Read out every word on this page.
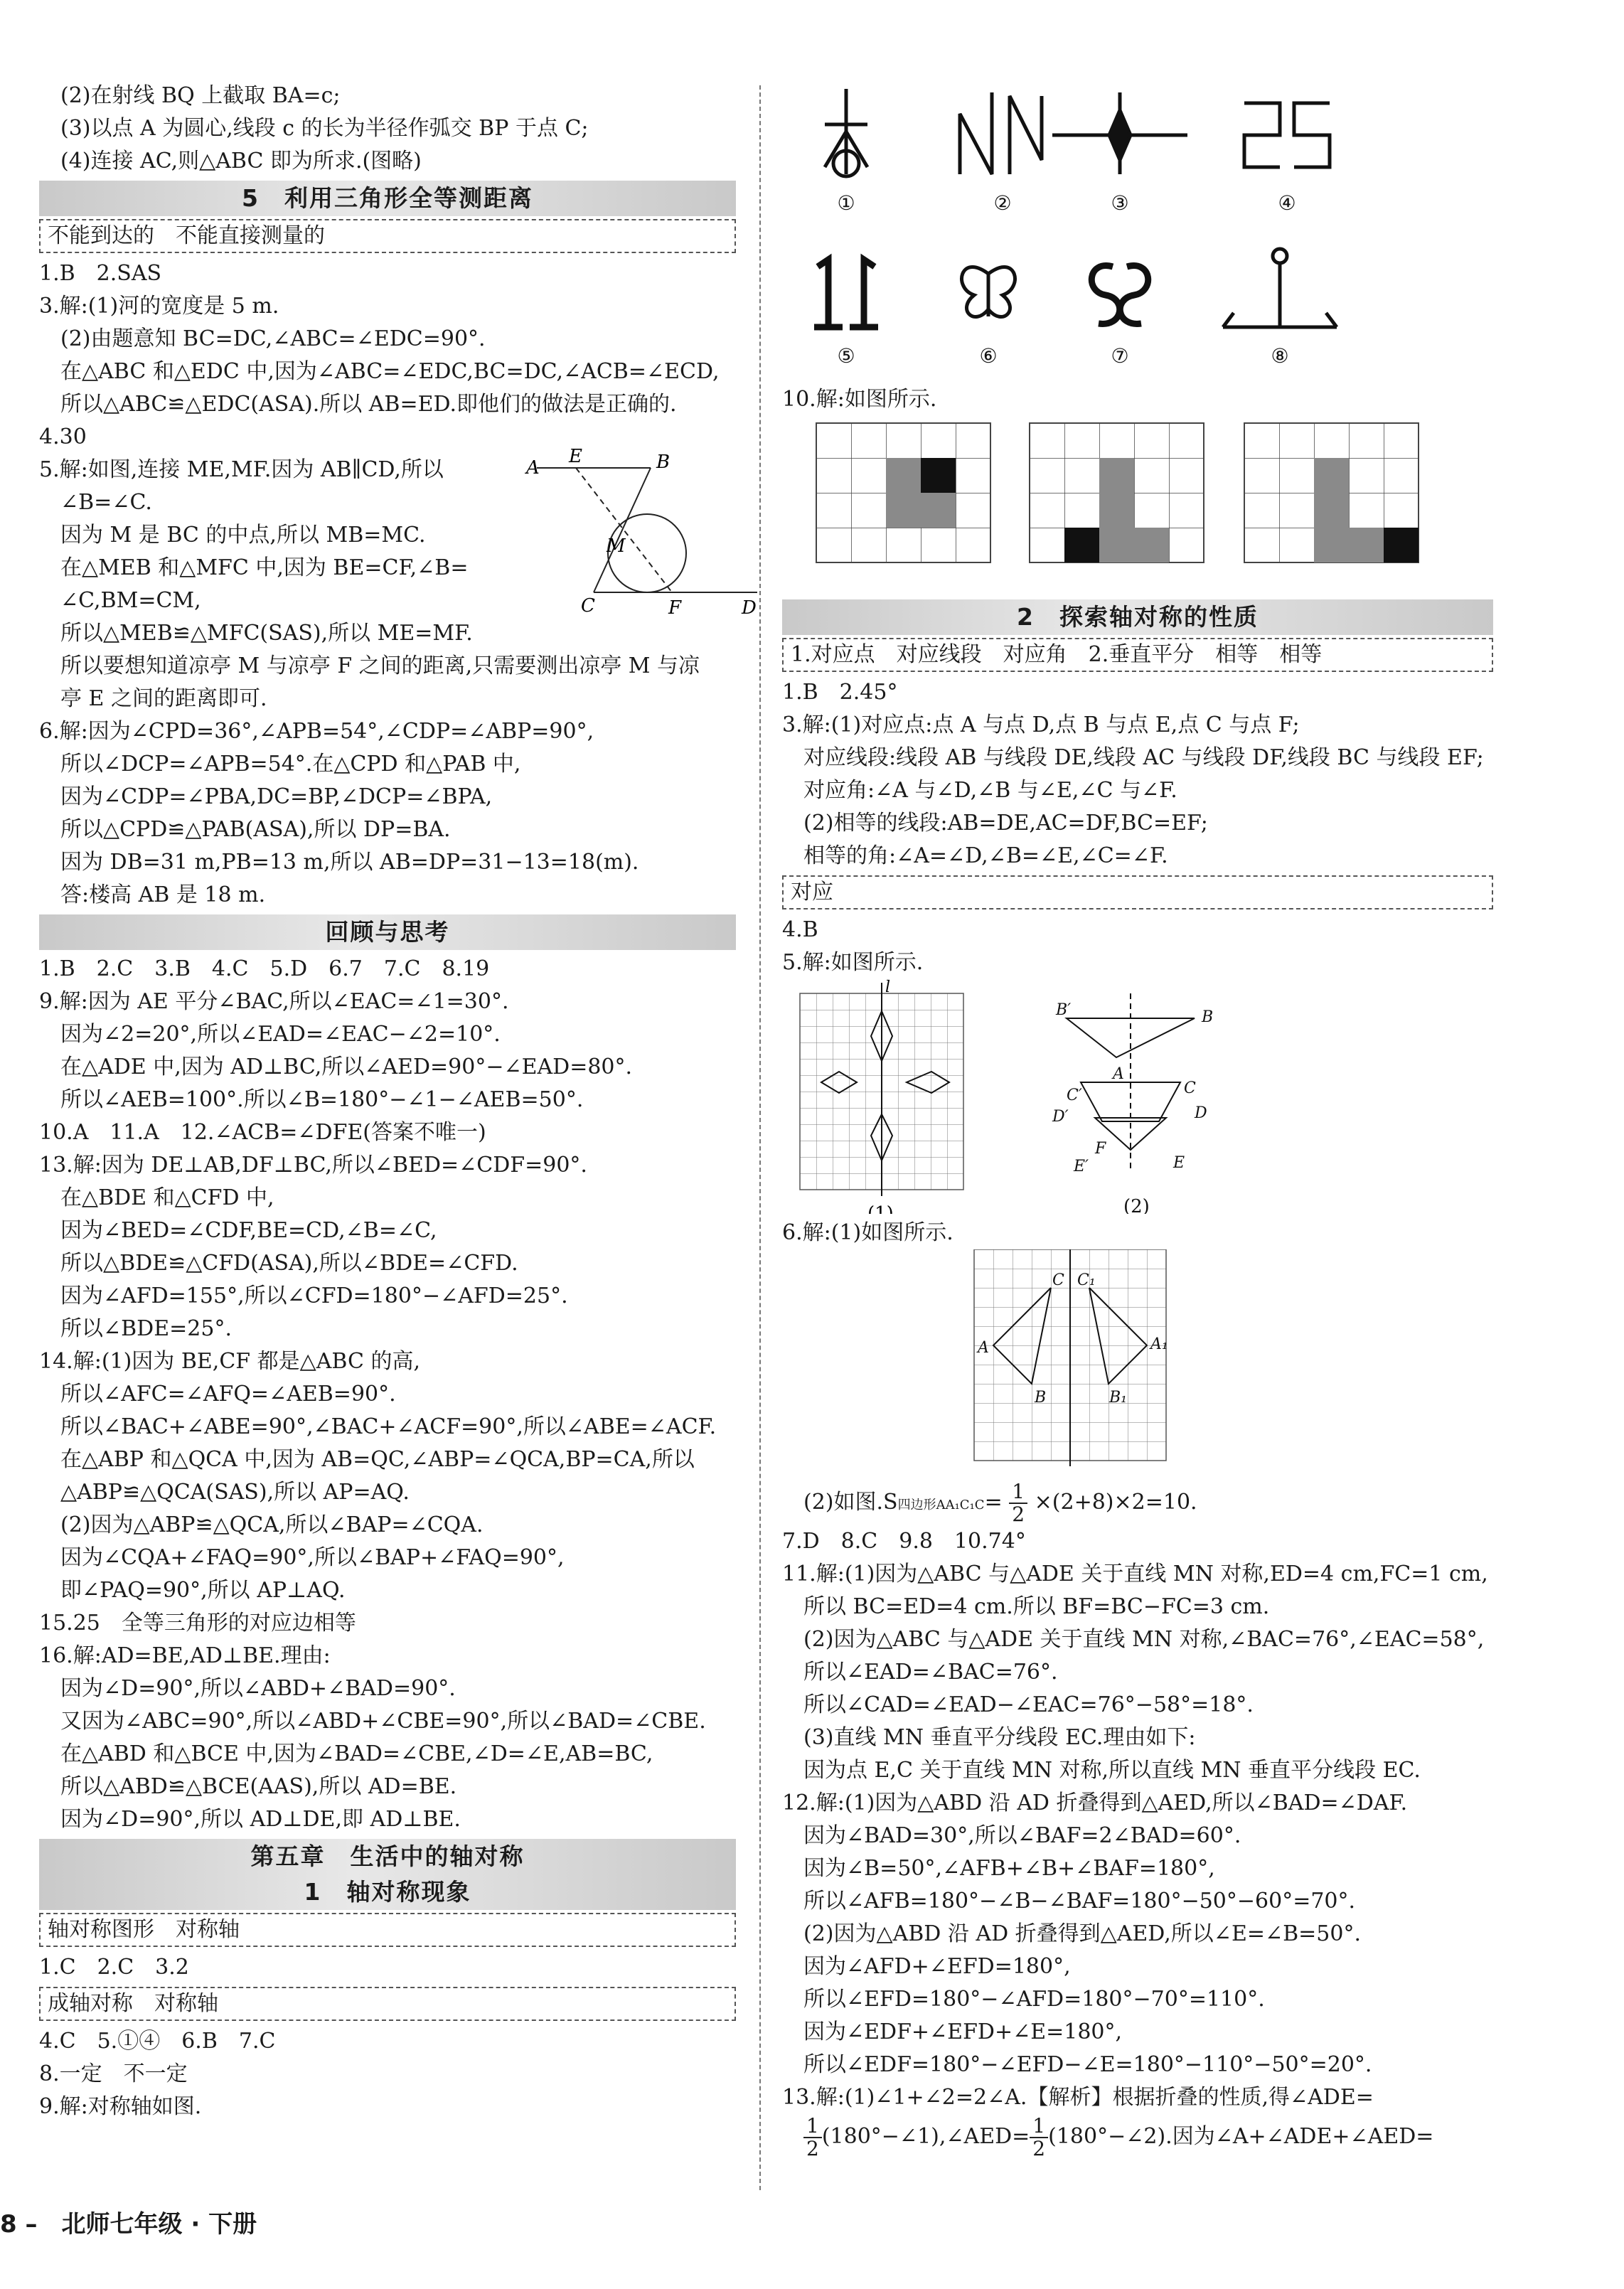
(2)在射线 BQ 上截取 BA=c;
(3)以点 A 为圆心,线段 c 的长为半径作弧交 BP 于点 C;
(4)连接 AC,则△ABC 即为所求.(图略)
5　利用三角形全等测距离
不能到达的　不能直接测量的
1.B　2.SAS
3.解:(1)河的宽度是 5 m.
(2)由题意知 BC=DC,∠ABC=∠EDC=90°.
在△ABC 和△EDC 中,因为∠ABC=∠EDC,BC=DC,∠ACB=∠ECD,
所以△ABC≌△EDC(ASA).所以 AB=ED.即他们的做法是正确的.
4.30
5.解:如图,连接 ME,MF.因为 AB∥CD,所以
∠B=∠C.
因为 M 是 BC 的中点,所以 MB=MC.
在△MEB 和△MFC 中,因为 BE=CF,∠B=
∠C,BM=CM,
A
E	B
M
C	F	D
所以△MEB≌△MFC(SAS),所以 ME=MF.
所以要想知道凉亭 M 与凉亭 F 之间的距离,只需要测出凉亭 M 与凉
亭 E 之间的距离即可.
6.解:因为∠CPD=36°,∠APB=54°,∠CDP=∠ABP=90°,
所以∠DCP=∠APB=54°.在△CPD 和△PAB 中,
因为∠CDP=∠PBA,DC=BP,∠DCP=∠BPA,
所以△CPD≌△PAB(ASA),所以 DP=BA.
因为 DB=31 m,PB=13 m,所以 AB=DP=31−13=18(m).
答:楼高 AB 是 18 m.
回顾与思考
1.B　2.C　3.B　4.C　5.D　6.7　7.C　8.19
9.解:因为 AE 平分∠BAC,所以∠EAC=∠1=30°.
因为∠2=20°,所以∠EAD=∠EAC−∠2=10°.
在△ADE 中,因为 AD⊥BC,所以∠AED=90°−∠EAD=80°.
所以∠AEB=100°.所以∠B=180°−∠1−∠AEB=50°.
10.A　11.A　12.∠ACB=∠DFE(答案不唯一)
13.解:因为 DE⊥AB,DF⊥BC,所以∠BED=∠CDF=90°.
在△BDE 和△CFD 中,
因为∠BED=∠CDF,BE=CD,∠B=∠C,
所以△BDE≌△CFD(ASA),所以∠BDE=∠CFD.
因为∠AFD=155°,所以∠CFD=180°−∠AFD=25°.
所以∠BDE=25°.
14.解:(1)因为 BE,CF 都是△ABC 的高,
所以∠AFC=∠AFQ=∠AEB=90°.
所以∠BAC+∠ABE=90°,∠BAC+∠ACF=90°,所以∠ABE=∠ACF.
在△ABP 和△QCA 中,因为 AB=QC,∠ABP=∠QCA,BP=CA,所以
△ABP≌△QCA(SAS),所以 AP=AQ.
(2)因为△ABP≌△QCA,所以∠BAP=∠CQA.
因为∠CQA+∠FAQ=90°,所以∠BAP+∠FAQ=90°,
即∠PAQ=90°,所以 AP⊥AQ.
15.25　全等三角形的对应边相等
16.解:AD=BE,AD⊥BE.理由:
因为∠D=90°,所以∠ABD+∠BAD=90°.
又因为∠ABC=90°,所以∠ABD+∠CBE=90°,所以∠BAD=∠CBE.
在△ABD 和△BCE 中,因为∠BAD=∠CBE,∠D=∠E,AB=BC,
所以△ABD≌△BCE(AAS),所以 AD=BE.
因为∠D=90°,所以 AD⊥DE,即 AD⊥BE.
第五章　生活中的轴对称
1　轴对称现象
轴对称图形　对称轴
1.C　2.C　3.2
成轴对称　对称轴
4.C　5.①④　6.B　7.C
8.一定　不一定
9.解:对称轴如图.
①	②	③	④
⑤	⑥	⑦	⑧
10.解:如图所示.
2　探索轴对称的性质
1.对应点　对应线段　对应角　2.垂直平分　相等　相等
1.B　2.45°
3.解:(1)对应点:点 A 与点 D,点 B 与点 E,点 C 与点 F;
对应线段:线段 AB 与线段 DE,线段 AC 与线段 DF,线段 BC 与线段 EF;
对应角:∠A 与∠D,∠B 与∠E,∠C 与∠F.
(2)相等的线段:AB=DE,AC=DF,BC=EF;
相等的角:∠A=∠D,∠B=∠E,∠C=∠F.
对应
4.B
5.解:如图所示.
l
(1)
B′	B
A
C′	C
D′	D
F
E′	E
(2)
6.解:(1)如图所示.
C C₁
A	A₁
B	B₁
(2)如图.S四边形$AA_1C_1C= \frac{1}{2} \times(2+8)\times 2=10$.
7.D　8.C　9.8　10.74°
11.解:(1)因为△ABC 与△ADE 关于直线 MN 对称,ED=4 cm,FC=1 cm,
所以 BC=ED=4 cm.所以 BF=BC−FC=3 cm.
(2)因为△ABC 与△ADE 关于直线 MN 对称,∠BAC=76°,∠EAC=58°,
所以∠EAD=∠BAC=76°.
所以∠CAD=∠EAD−∠EAC=76°−58°=18°.
(3)直线 MN 垂直平分线段 EC.理由如下:
因为点 E,C 关于直线 MN 对称,所以直线 MN 垂直平分线段 EC.
12.解:(1)因为△ABD 沿 AD 折叠得到△AED,所以∠BAD=∠DAF.
因为∠BAD=30°,所以∠BAF=2∠BAD=60°.
因为∠B=50°,∠AFB+∠B+∠BAF=180°,
所以∠AFB=180°−∠B−∠BAF=180°−50°−60°=70°.
(2)因为△ABD 沿 AD 折叠得到△AED,所以∠E=∠B=50°.
因为∠AFD+∠EFD=180°,
所以∠EFD=180°−∠AFD=180°−70°=110°.
因为∠EDF+∠EFD+∠E=180°,
所以∠EDF=180°−∠EFD−∠E=180°−110°−50°=20°.
13.解:(1)∠1+∠2=2∠A.【解析】根据折叠的性质,得∠ADE=
$\frac{1}{2}$ (180°−∠1),∠AED= $\frac{1}{2}$ (180°−∠2).因为∠A+∠ADE+∠AED=
8 –　北师七年级 · 下册
